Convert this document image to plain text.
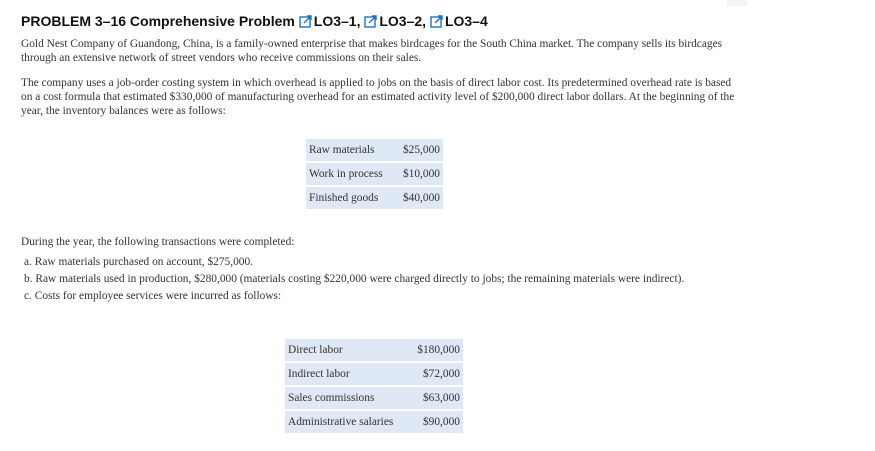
PROBLEM 3–16 Comprehensive Problem LO3–1, LO3–2, LO3–4

Gold Nest Company of Guandong, China, is a family-owned enterprise that makes birdcages for the South China market. The company sells its birdcages through an extensive network of street vendors who receive commissions on their sales.

The company uses a job-order costing system in which overhead is applied to jobs on the basis of direct labor cost. Its predetermined overhead rate is based on a cost formula that estimated $330,000 of manufacturing overhead for an estimated activity level of $200,000 direct labor dollars. At the beginning of the year, the inventory balances were as follows:

Raw materials	$25,000
Work in process	$10,000
Finished goods	$40,000

During the year, the following transactions were completed:

a. Raw materials purchased on account, $275,000.
b. Raw materials used in production, $280,000 (materials costing $220,000 were charged directly to jobs; the remaining materials were indirect).
c. Costs for employee services were incurred as follows:
Direct labor	$180,000
Indirect labor	$72,000
Sales commissions	$63,000
Administrative salaries	$90,000
